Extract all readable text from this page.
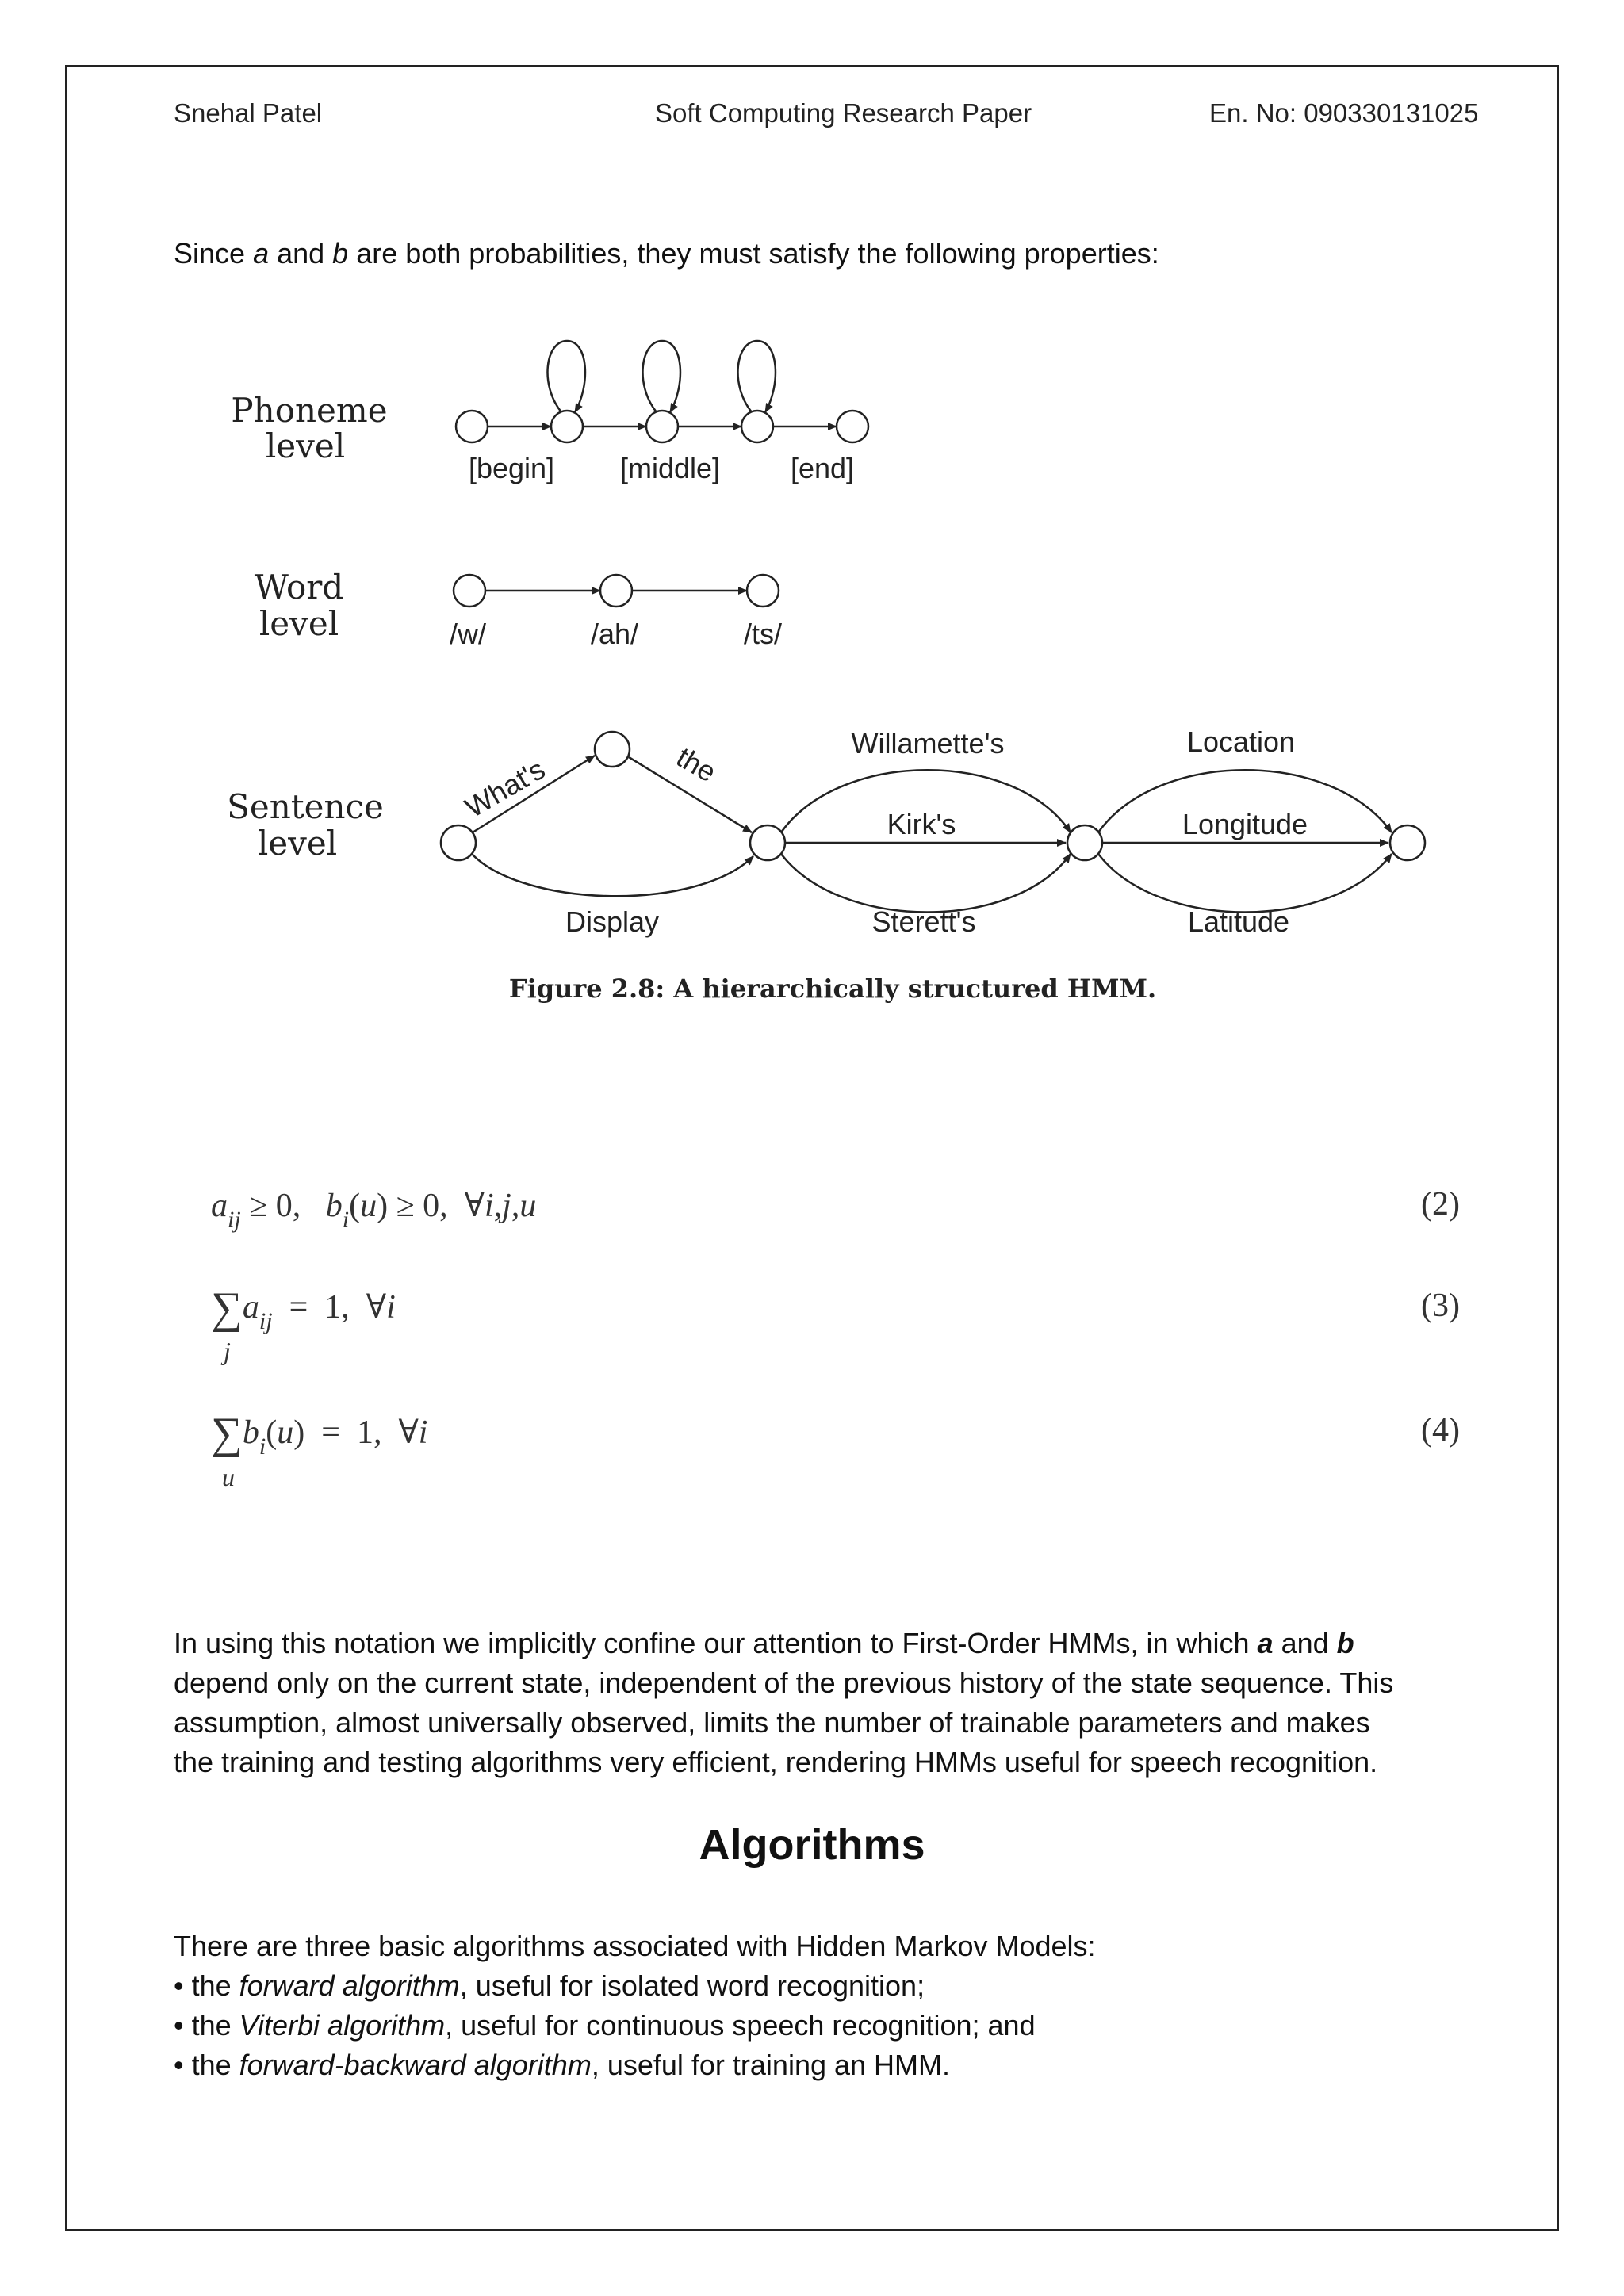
Snehal Patel	Soft Computing Research Paper	En. No: 090330131025
Since a and b are both probabilities, they must satisfy the following properties:
Phoneme
level
Word
level
Sentence
level
[begin] [middle] [end]
/w/	/ah/	/ts/
What's	the
Display
Willamette's
Kirk's
Sterett's
Location
Longitude
Latitude
Figure 2.8: A hierarchically structured HMM.
$a_{ij} \ge 0$,   $b_i(u) \ge 0$,  ∀i,j,u	(2)
$\sum a_{ij} = 1$,  ∀i
j
(3)
$\sum b_i(u) = 1$,  ∀i
u
(4)
In using this notation we implicitly confine our attention to First-Order HMMs, in which a and b
depend only on the current state, independent of the previous history of the state sequence. This
assumption, almost universally observed, limits the number of trainable parameters and makes
the training and testing algorithms very efficient, rendering HMMs useful for speech recognition.
Algorithms
There are three basic algorithms associated with Hidden Markov Models:
• the forward algorithm, useful for isolated word recognition;
• the Viterbi algorithm, useful for continuous speech recognition; and
• the forward-backward algorithm, useful for training an HMM.
